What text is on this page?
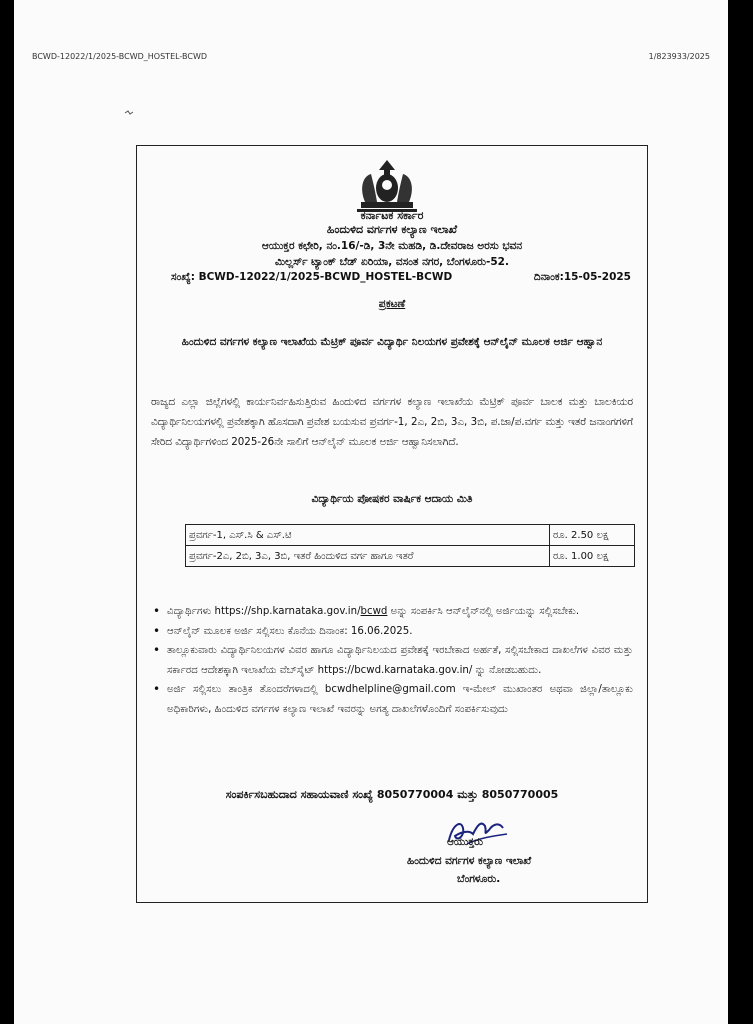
BCWD-12022/1/2025-BCWD_HOSTEL-BCWD	1/823933/2025
ಕರ್ನಾಟಕ ಸರ್ಕಾರ
ಹಿಂದುಳಿದ ವರ್ಗಗಳ ಕಲ್ಯಾಣ ಇಲಾಖೆ
ಆಯುಕ್ತರ ಕಛೇರಿ, ನಂ.16/-ಡಿ, 3ನೇ ಮಹಡಿ, ಡಿ.ದೇವರಾಜ ಅರಸು ಭವನ
ಮಿಲ್ಲರ್ಸ್ ಟ್ಯಾಂಕ್ ಬೆಡ್ ಏರಿಯಾ, ವಸಂತ ನಗರ, ಬೆಂಗಳೂರು-52.
ಸಂಖ್ಯೆ: BCWD-12022/1/2025-BCWD_HOSTEL-BCWD	ದಿನಾಂಕ:15-05-2025
ಪ್ರಕಟಣೆ
ಹಿಂದುಳಿದ ವರ್ಗಗಳ ಕಲ್ಯಾಣ ಇಲಾಖೆಯ ಮೆಟ್ರಿಕ್ ಪೂರ್ವ ವಿದ್ಯಾರ್ಥಿ ನಿಲಯಗಳ ಪ್ರವೇಶಕ್ಕೆ ಆನ್‌ಲೈನ್ ಮೂಲಕ ಅರ್ಜಿ ಆಹ್ವಾನ
ರಾಜ್ಯದ ಎಲ್ಲಾ ಜಿಲ್ಲೆಗಳಲ್ಲಿ ಕಾರ್ಯನಿರ್ವಹಿಸುತ್ತಿರುವ ಹಿಂದುಳಿದ ವರ್ಗಗಳ ಕಲ್ಯಾಣ ಇಲಾಖೆಯ ಮೆಟ್ರಿಕ್ ಪೂರ್ವ ಬಾಲಕ ಮತ್ತು ಬಾಲಕಿಯರ ವಿದ್ಯಾರ್ಥಿನಿಲಯಗಳಲ್ಲಿ ಪ್ರವೇಶಕ್ಕಾಗಿ ಹೊಸದಾಗಿ ಪ್ರವೇಶ ಬಯಸುವ ಪ್ರವರ್ಗ-1, 2ಎ, 2ಬಿ, 3ಎ, 3ಬಿ, ಪ.ಜಾ/ಪ.ವರ್ಗ ಮತ್ತು ಇತರೆ ಜನಾಂಗಗಳಿಗೆ ಸೇರಿದ ವಿದ್ಯಾರ್ಥಿಗಳಿಂದ 2025-26ನೇ ಸಾಲಿಗೆ ಆನ್‌ಲೈನ್ ಮೂಲಕ ಅರ್ಜಿ ಆಹ್ವಾನಿಸಲಾಗಿದೆ.
ವಿದ್ಯಾರ್ಥಿಯ ಪೋಷಕರ ವಾರ್ಷಿಕ ಆದಾಯ ಮಿತಿ
ಪ್ರವರ್ಗ-1, ಎಸ್.ಸಿ & ಎಸ್.ಟಿ	ರೂ. 2.50 ಲಕ್ಷ
ಪ್ರವರ್ಗ-2ಎ, 2ಬಿ, 3ಎ, 3ಬಿ, ಇತರೆ ಹಿಂದುಳಿದ ವರ್ಗ ಹಾಗೂ ಇತರೆ	ರೂ. 1.00 ಲಕ್ಷ
• ವಿದ್ಯಾರ್ಥಿಗಳು https://shp.karnataka.gov.in/bcwd ಅನ್ನು ಸಂಪರ್ಕಿಸಿ ಆನ್‌ಲೈನ್‌ನಲ್ಲಿ ಅರ್ಜಿಯನ್ನು ಸಲ್ಲಿಸಬೇಕು.
• ಆನ್‌ಲೈನ್ ಮೂಲಕ ಅರ್ಜಿ ಸಲ್ಲಿಸಲು ಕೊನೆಯ ದಿನಾಂಕ: 16.06.2025.
• ತಾಲ್ಲೂಕುವಾರು ವಿದ್ಯಾರ್ಥಿನಿಲಯಗಳ ವಿವರ ಹಾಗೂ ವಿದ್ಯಾರ್ಥಿನಿಲಯದ ಪ್ರವೇಶಕ್ಕೆ ಇರಬೇಕಾದ ಅರ್ಹತೆ, ಸಲ್ಲಿಸಬೇಕಾದ ದಾಖಲೆಗಳ ವಿವರ ಮತ್ತು ಸರ್ಕಾರದ ಆದೇಶಕ್ಕಾಗಿ ಇಲಾಖೆಯ ವೆಬ್‌ಸೈಟ್ https://bcwd.karnataka.gov.in/ ನ್ನು ನೋಡಬಹುದು.
• ಅರ್ಜಿ ಸಲ್ಲಿಸಲು ತಾಂತ್ರಿಕ ತೊಂದರೆಗಳಾದಲ್ಲಿ bcwdhelpline@gmail.com ಇ-ಮೇಲ್ ಮುಖಾಂತರ ಅಥವಾ ಜಿಲ್ಲಾ/ತಾಲ್ಲೂಕು ಅಧಿಕಾರಿಗಳು, ಹಿಂದುಳಿದ ವರ್ಗಗಳ ಕಲ್ಯಾಣ ಇಲಾಖೆ ಇವರನ್ನು ಅಗತ್ಯ ದಾಖಲೆಗಳೊಂದಿಗೆ ಸಂಪರ್ಕಿಸುವುದು
ಸಂಪರ್ಕಿಸಬಹುದಾದ ಸಹಾಯವಾಣಿ ಸಂಖ್ಯೆ 8050770004 ಮತ್ತು 8050770005
ಆಯುಕ್ತರು
ಹಿಂದುಳಿದ ವರ್ಗಗಳ ಕಲ್ಯಾಣ ಇಲಾಖೆ
ಬೆಂಗಳೂರು.
